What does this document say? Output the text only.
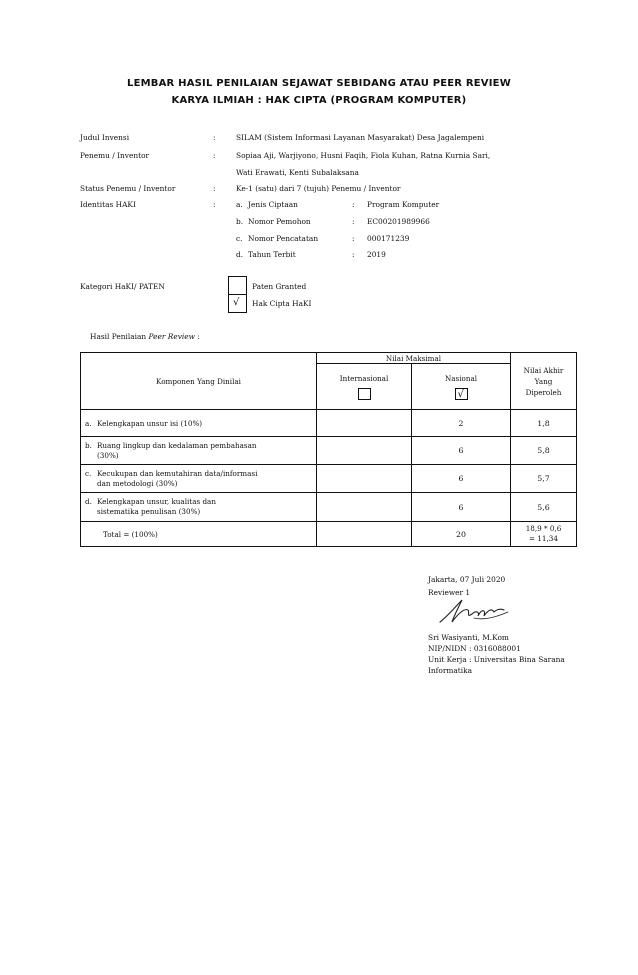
LEMBAR HASIL PENILAIAN SEJAWAT SEBIDANG ATAU PEER REVIEW
KARYA ILMIAH : HAK CIPTA (PROGRAM KOMPUTER)
Judul Invensi	:	SILAM (Sistem Informasi Layanan Masyarakat) Desa Jagalempeni
Penemu / Inventor	:	Sopiaa Aji, Warjiyono, Husni Faqih, Fiola Kuhan, Ratna Kurnia Sari,
Wati Erawati, Kenti Subalaksana
Status Penemu / Inventor	:	Ke-1 (satu) dari 7 (tujuh) Penemu / Inventor
Identitas HAKI	:	a. Jenis Ciptaan	: Program Komputer
b. Nomor Pemohon	: EC00201989966
c. Nomor Pencatatan	: 000171239
d. Tahun Terbit	: 2019
Kategori HaKI/ PATEN
√
Paten Granted
Hak Cipta HaKI
Hasil Penilaian Peer Review :
Komponen Yang Dinilai	Nilai Maksimal		Nilai Akhir
Yang
Diperoleh

	Internasional	Nasional
√	

a. Kelengkapan unsur isi (10%)		2	1,8
b. Ruang lingkup dan kedalaman pembahasan
(30%)		6	5,8
c. Kecukupan dan kemutahiran data/informasi
dan metodologi (30%)		6	5,7
d. Kelengkapan unsur, kualitas dan
sistematika penulisan (30%)		6	5,6
Total = (100%)		20	18,9 * 0,6
= 11,34
Jakarta, 07 Juli 2020
Reviewer 1
Sri Wasiyanti, M.Kom
NIP/NIDN : 0316088001
Unit Kerja : Universitas Bina Sarana
Informatika
